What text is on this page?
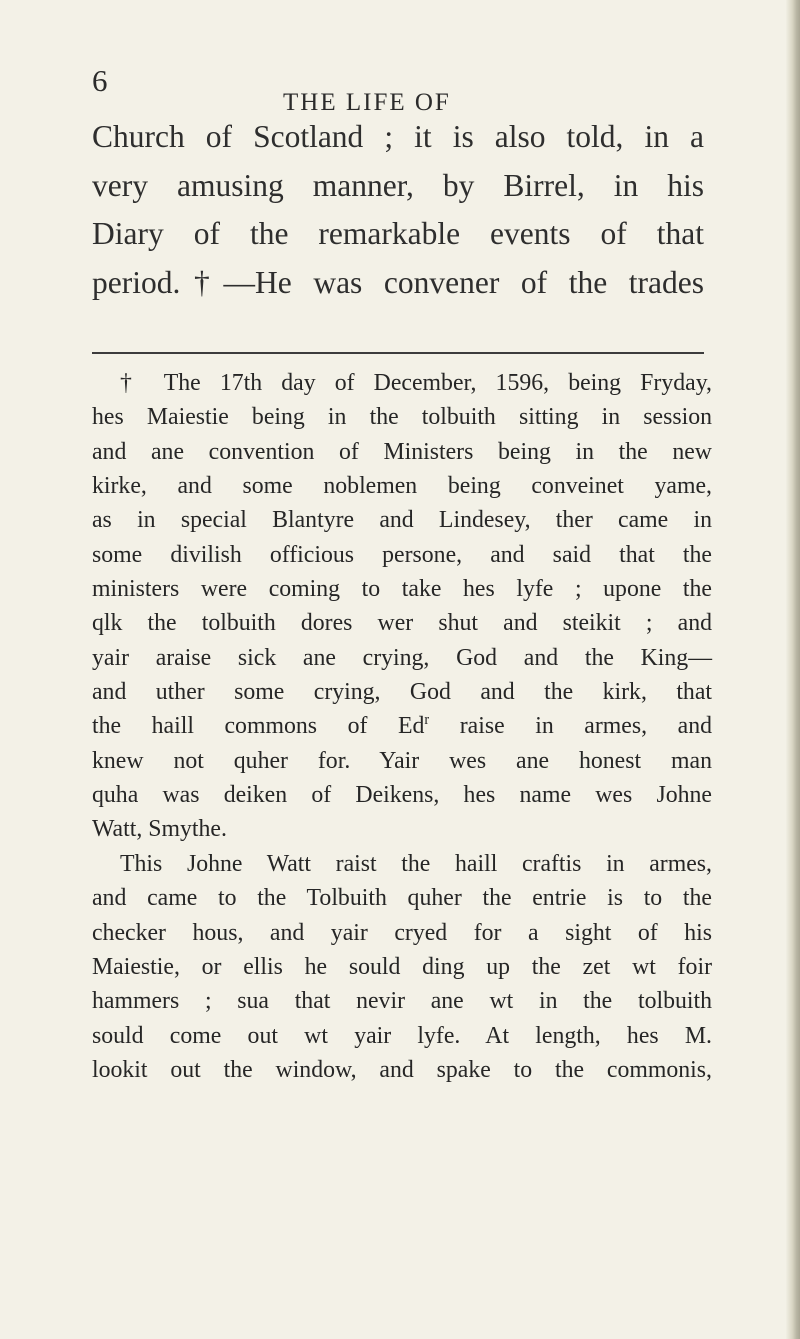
6
THE LIFE OF
Church of Scotland ; it is also told, in a
very amusing manner, by Birrel, in his
Diary of the remarkable events of that
period.†—He was convener of the trades
† The 17th day of December, 1596, being Fryday,
hes Maiestie being in the tolbuith sitting in session
and ane convention of Ministers being in the new
kirke, and some noblemen being conveinet yame,
as in special Blantyre and Lindesey, ther came in
some divilish officious persone, and said that the
ministers were coming to take hes lyfe ; upone the
qlk the tolbuith dores wer shut and steikit ; and
yair araise sick ane crying, God and the King—
and uther some crying, God and the kirk, that
the haill commons of Ed$^r$ raise in armes, and
knew not quher for. Yair wes ane honest man
quha was deiken of Deikens, hes name wes Johne
Watt, Smythe.
This Johne Watt raist the haill craftis in armes,
and came to the Tolbuith quher the entrie is to the
checker hous, and yair cryed for a sight of his
Maiestie, or ellis he sould ding up the zet wt foir
hammers ; sua that nevir ane wt in the tolbuith
sould come out wt yair lyfe. At length, hes M.
lookit out the window, and spake to the commonis,
